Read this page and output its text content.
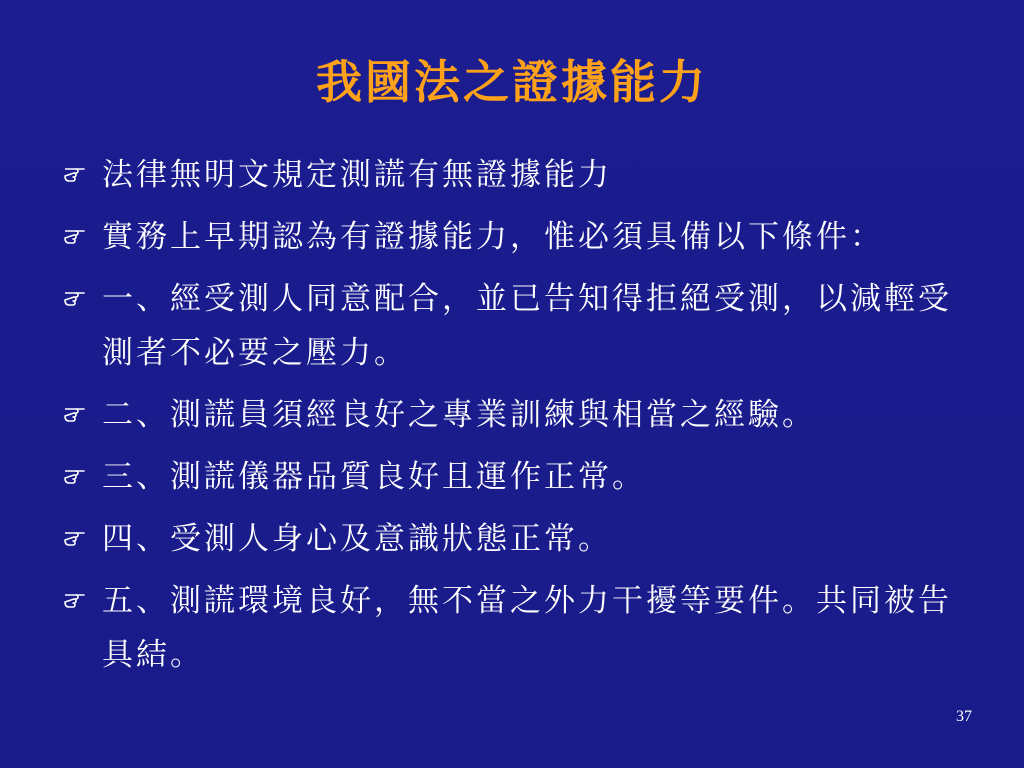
我國法之證據能力
法律無明文規定測謊有無證據能力
實務上早期認為有證據能力，惟必須具備以下條件：
一、經受測人同意配合，並已告知得拒絕受測，以減輕受測者不必要之壓力。
二、測謊員須經良好之專業訓練與相當之經驗。
三、測謊儀器品質良好且運作正常。
四、受測人身心及意識狀態正常。
五、測謊環境良好，無不當之外力干擾等要件。共同被告具結。
37
